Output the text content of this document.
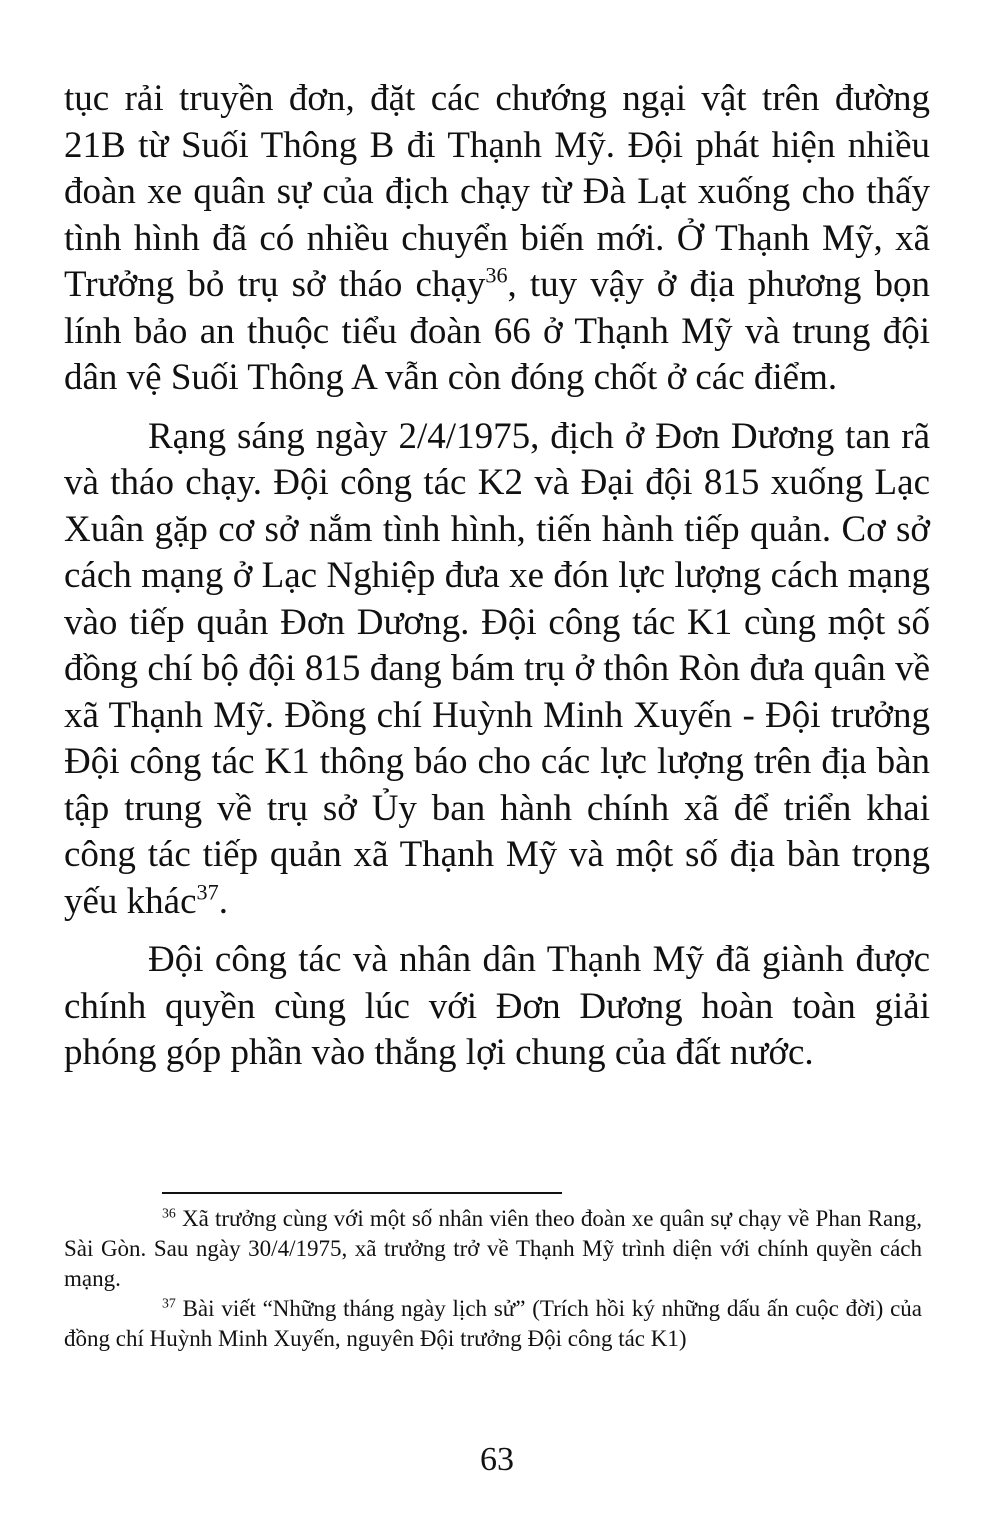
tục rải truyền đơn, đặt các chướng ngại vật trên đường 21B từ Suối Thông B đi Thạnh Mỹ. Đội phát hiện nhiều đoàn xe quân sự của địch chạy từ Đà Lạt xuống cho thấy tình hình đã có nhiều chuyển biến mới. Ở Thạnh Mỹ, xã Trưởng bỏ trụ sở tháo chạy$^{36}$, tuy vậy ở địa phương bọn lính bảo an thuộc tiểu đoàn 66 ở Thạnh Mỹ và trung đội dân vệ Suối Thông A vẫn còn đóng chốt ở các điểm.

Rạng sáng ngày 2/4/1975, địch ở Đơn Dương tan rã và tháo chạy. Đội công tác K2 và Đại đội 815 xuống Lạc Xuân gặp cơ sở nắm tình hình, tiến hành tiếp quản. Cơ sở cách mạng ở Lạc Nghiệp đưa xe đón lực lượng cách mạng vào tiếp quản Đơn Dương. Đội công tác K1 cùng một số đồng chí bộ đội 815 đang bám trụ ở thôn Ròn đưa quân về xã Thạnh Mỹ. Đồng chí Huỳnh Minh Xuyến - Đội trưởng Đội công tác K1 thông báo cho các lực lượng trên địa bàn tập trung về trụ sở Ủy ban hành chính xã để triển khai công tác tiếp quản xã Thạnh Mỹ và một số địa bàn trọng yếu khác$^{37}$.

Đội công tác và nhân dân Thạnh Mỹ đã giành được chính quyền cùng lúc với Đơn Dương hoàn toàn giải phóng góp phần vào thắng lợi chung của đất nước.

$^{36}$ Xã trưởng cùng với một số nhân viên theo đoàn xe quân sự chạy về Phan Rang, Sài Gòn. Sau ngày 30/4/1975, xã trưởng trở về Thạnh Mỹ trình diện với chính quyền cách mạng.

$^{37}$ Bài viết “Những tháng ngày lịch sử” (Trích hồi ký những dấu ấn cuộc đời) của đồng chí Huỳnh Minh Xuyến, nguyên Đội trưởng Đội công tác K1)

63
